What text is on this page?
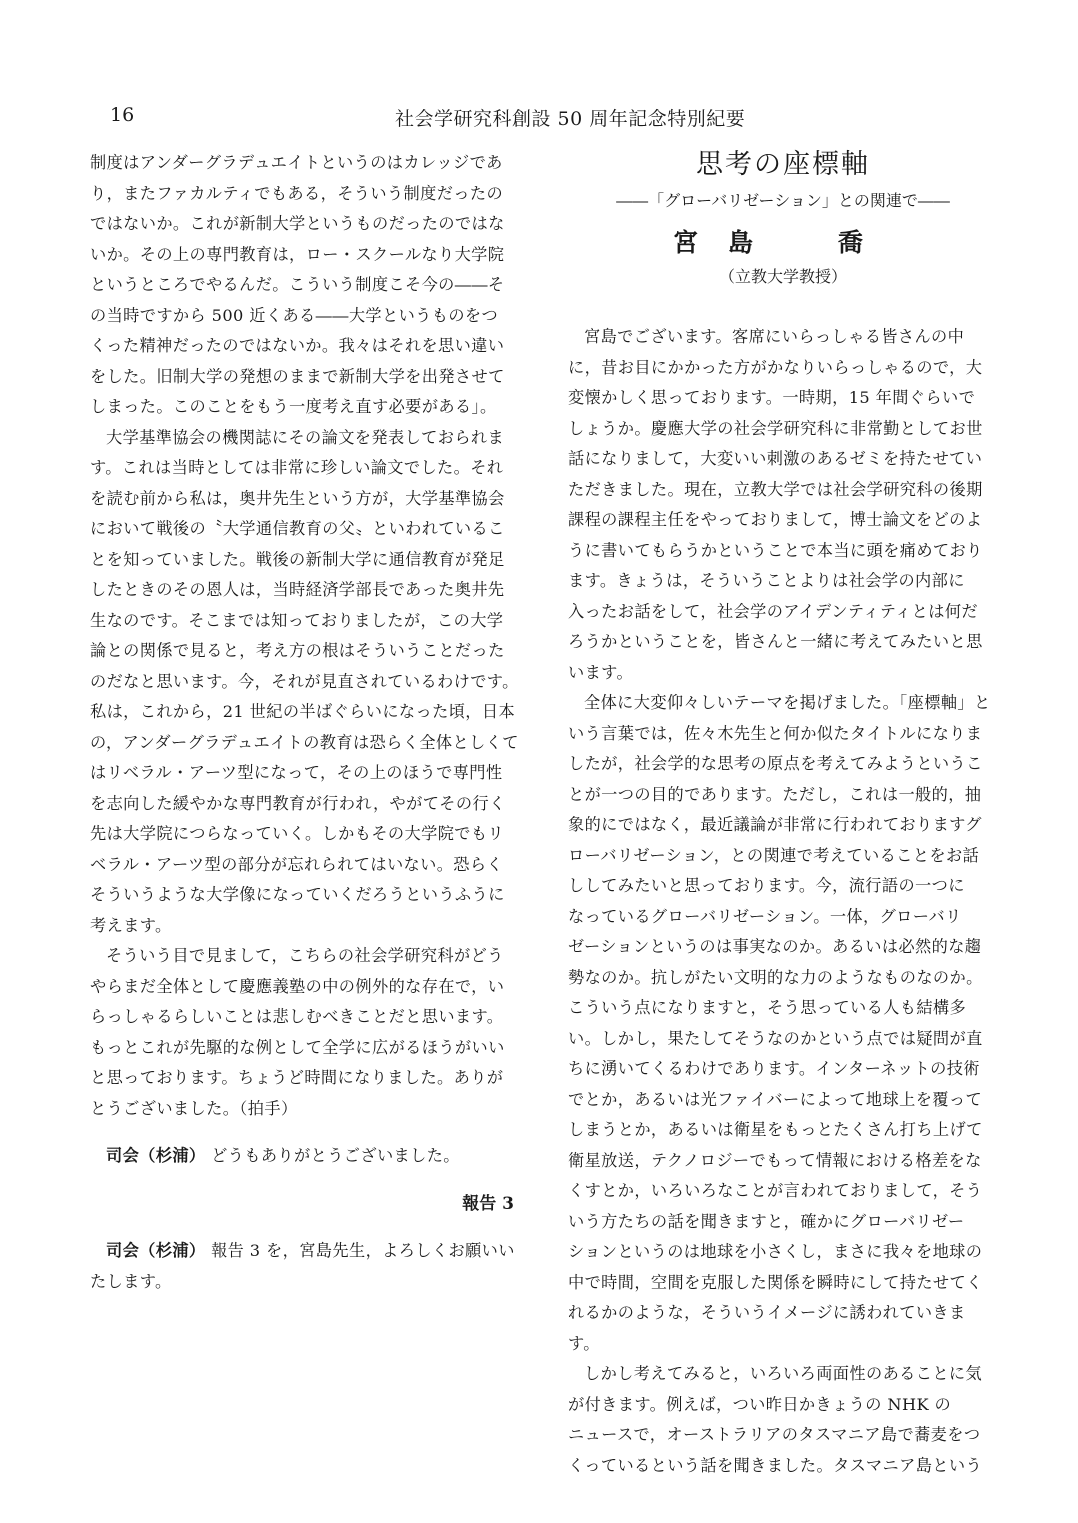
16	社会学研究科創設 50 周年記念特別紀要
制度はアンダーグラデュエイトというのはカレッジであ
り，またファカルティでもある，そういう制度だったの
ではないか。これが新制大学というものだったのではな
いか。その上の専門教育は，ロー・スクールなり大学院
というところでやるんだ。こういう制度こそ今の――そ
の当時ですから 500 近くある――大学というものをつ
くった精神だったのではないか。我々はそれを思い違い
をした。旧制大学の発想のままで新制大学を出発させて
しまった。このことをもう一度考え直す必要がある」。
大学基準協会の機関誌にその論文を発表しておられま
す。これは当時としては非常に珍しい論文でした。それ
を読む前から私は，奥井先生という方が，大学基準協会
において戦後の〝大学通信教育の父〟といわれているこ
とを知っていました。戦後の新制大学に通信教育が発足
したときのその恩人は，当時経済学部長であった奥井先
生なのです。そこまでは知っておりましたが，この大学
論との関係で見ると，考え方の根はそういうことだった
のだなと思います。今，それが見直されているわけです。
私は，これから，21 世紀の半ばぐらいになった頃，日本
の，アンダーグラデュエイトの教育は恐らく全体としくて
はリベラル・アーツ型になって，その上のほうで専門性
を志向した緩やかな専門教育が行われ，やがてその行く
先は大学院につらなっていく。しかもその大学院でもリ
ベラル・アーツ型の部分が忘れられてはいない。恐らく
そういうような大学像になっていくだろうというふうに
考えます。
そういう目で見まして，こちらの社会学研究科がどう
やらまだ全体として慶應義塾の中の例外的な存在で，い
らっしゃるらしいことは悲しむべきことだと思います。
もっとこれが先駆的な例として全学に広がるほうがいい
と思っております。ちょうど時間になりました。ありが
とうございました。（拍手）
司会（杉浦） どうもありがとうございました。
報告 3
司会（杉浦） 報告 3 を，宮島先生，よろしくお願いい
たします。
思考の座標軸
――「グローバリゼーション」との関連で――
宮島　喬
（立教大学教授）
宮島でございます。客席にいらっしゃる皆さんの中
に，昔お目にかかった方がかなりいらっしゃるので，大
変懐かしく思っております。一時期，15 年間ぐらいで
しょうか。慶應大学の社会学研究科に非常勤としてお世
話になりまして，大変いい刺激のあるゼミを持たせてい
ただきました。現在，立教大学では社会学研究科の後期
課程の課程主任をやっておりまして，博士論文をどのよ
うに書いてもらうかということで本当に頭を痛めており
ます。きょうは，そういうことよりは社会学の内部に
入ったお話をして，社会学のアイデンティティとは何だ
ろうかということを，皆さんと一緒に考えてみたいと思
います。
全体に大変仰々しいテーマを掲げました。「座標軸」と
いう言葉では，佐々木先生と何か似たタイトルになりま
したが，社会学的な思考の原点を考えてみようというこ
とが一つの目的であります。ただし，これは一般的，抽
象的にではなく，最近議論が非常に行われておりますグ
ローバリゼーション，との関連で考えていることをお話
ししてみたいと思っております。今，流行語の一つに
なっているグローバリゼーション。一体，グローバリ
ゼーションというのは事実なのか。あるいは必然的な趨
勢なのか。抗しがたい文明的な力のようなものなのか。
こういう点になりますと，そう思っている人も結構多
い。しかし，果たしてそうなのかという点では疑問が直
ちに湧いてくるわけであります。インターネットの技術
でとか，あるいは光ファイバーによって地球上を覆って
しまうとか，あるいは衛星をもっとたくさん打ち上げて
衛星放送，テクノロジーでもって情報における格差をな
くすとか，いろいろなことが言われておりまして，そう
いう方たちの話を聞きますと，確かにグローバリゼー
ションというのは地球を小さくし，まさに我々を地球の
中で時間，空間を克服した関係を瞬時にして持たせてく
れるかのような，そういうイメージに誘われていきま
す。
しかし考えてみると，いろいろ両面性のあることに気
が付きます。例えば，つい昨日かきょうの NHK の
ニュースで，オーストラリアのタスマニア島で蕎麦をつ
くっているという話を聞きました。タスマニア島という
